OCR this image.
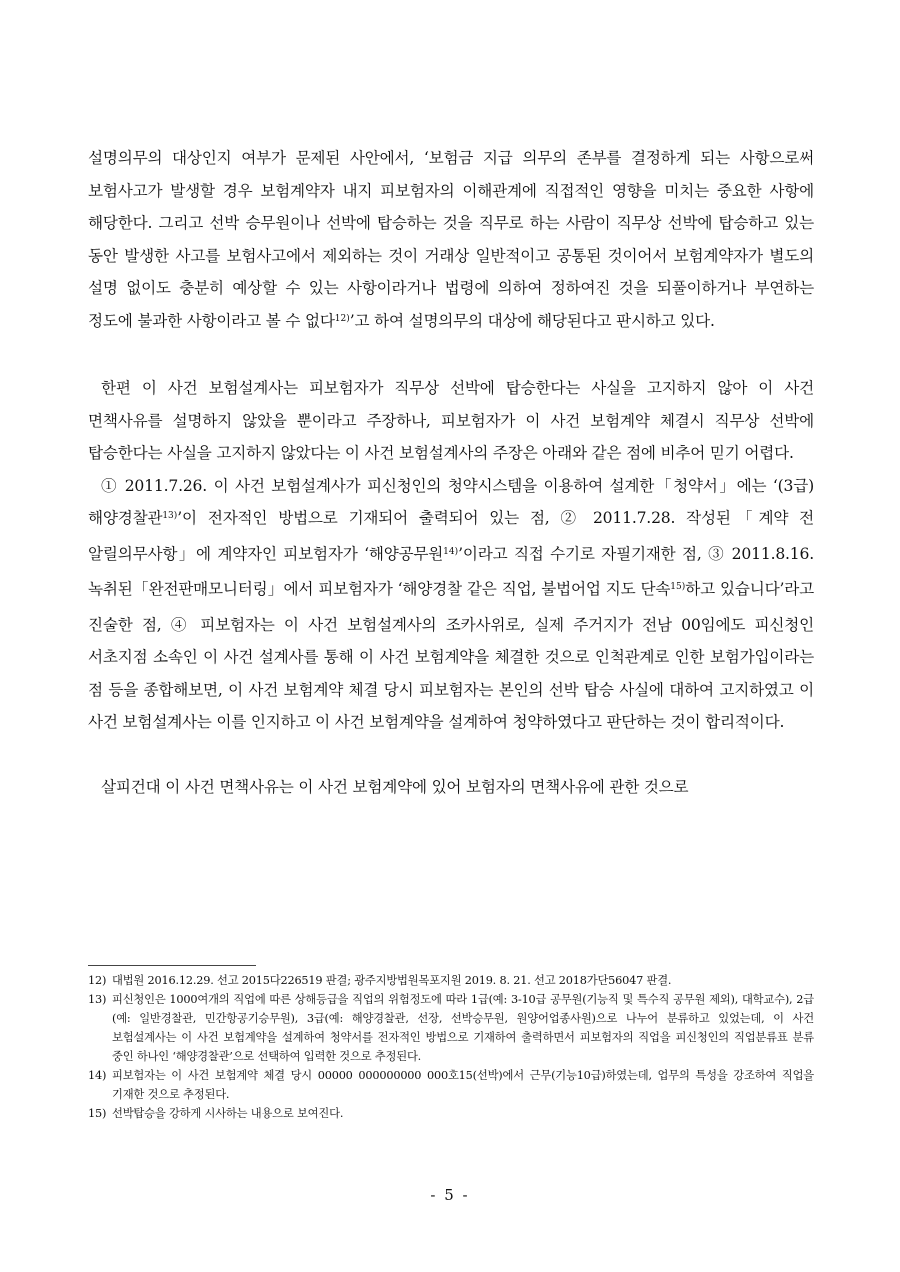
설명의무의 대상인지 여부가 문제된 사안에서, ‘보험금 지급 의무의 존부를 결정하게 되는 사항으로써 보험사고가 발생할 경우 보험계약자 내지 피보험자의 이해관계에 직접적인 영향을 미치는 중요한 사항에 해당한다. 그리고 선박 승무원이나 선박에 탑승하는 것을 직무로 하는 사람이 직무상 선박에 탑승하고 있는 동안 발생한 사고를 보험사고에서 제외하는 것이 거래상 일반적이고 공통된 것이어서 보험계약자가 별도의 설명 없이도 충분히 예상할 수 있는 사항이라거나 법령에 의하여 정하여진 것을 되풀이하거나 부연하는 정도에 불과한 사항이라고 볼 수 없다$^{12)}$’고 하여 설명의무의 대상에 해당된다고 판시하고 있다.

한편 이 사건 보험설계사는 피보험자가 직무상 선박에 탑승한다는 사실을 고지하지 않아 이 사건 면책사유를 설명하지 않았을 뿐이라고 주장하나, 피보험자가 이 사건 보험계약 체결시 직무상 선박에 탑승한다는 사실을 고지하지 않았다는 이 사건 보험설계사의 주장은 아래와 같은 점에 비추어 믿기 어렵다.

① 2011.7.26. 이 사건 보험설계사가 피신청인의 청약시스템을 이용하여 설계한「청약서」에는 ‘(3급) 해양경찰관$^{13)}$’이 전자적인 방법으로 기재되어 출력되어 있는 점, ② 2011.7.28. 작성된「계약 전 알릴의무사항」에 계약자인 피보험자가 ‘해양공무원$^{14)}$’이라고 직접 수기로 자필기재한 점, ③ 2011.8.16. 녹취된「완전판매모니터링」에서 피보험자가 ‘해양경찰 같은 직업, 불법어업 지도 단속$^{15)}$하고 있습니다’라고 진술한 점, ④ 피보험자는 이 사건 보험설계사의 조카사위로, 실제 주거지가 전남 00임에도 피신청인 서초지점 소속인 이 사건 설계사를 통해 이 사건 보험계약을 체결한 것으로 인척관계로 인한 보험가입이라는 점 등을 종합해보면, 이 사건 보험계약 체결 당시 피보험자는 본인의 선박 탑승 사실에 대하여 고지하였고 이 사건 보험설계사는 이를 인지하고 이 사건 보험계약을 설계하여 청약하였다고 판단하는 것이 합리적이다.

살피건대 이 사건 면책사유는 이 사건 보험계약에 있어 보험자의 면책사유에 관한 것으로

12) 대법원 2016.12.29. 선고 2015다226519 판결; 광주지방법원목포지원 2019. 8. 21. 선고 2018가단56047 판결.

13) 피신청인은 1000여개의 직업에 따른 상해등급을 직업의 위험정도에 따라 1급(예: 3-10급 공무원(기능직 및 특수직 공무원 제외), 대학교수), 2급(예: 일반경찰관, 민간항공기승무원), 3급(예: 해양경찰관, 선장, 선박승무원, 원양어업종사원)으로 나누어 분류하고 있었는데, 이 사건 보험설계사는 이 사건 보험계약을 설계하여 청약서를 전자적인 방법으로 기재하여 출력하면서 피보험자의 직업을 피신청인의 직업분류표 분류 중인 하나인 ‘해양경찰관’으로 선택하여 입력한 것으로 추정된다.

14) 피보험자는 이 사건 보험계약 체결 당시 00000 000000000 000호15(선박)에서 근무(기능10급)하였는데, 업무의 특성을 강조하여 직업을 기재한 것으로 추정된다.

15) 선박탑승을 강하게 시사하는 내용으로 보여진다.

- 5 -
